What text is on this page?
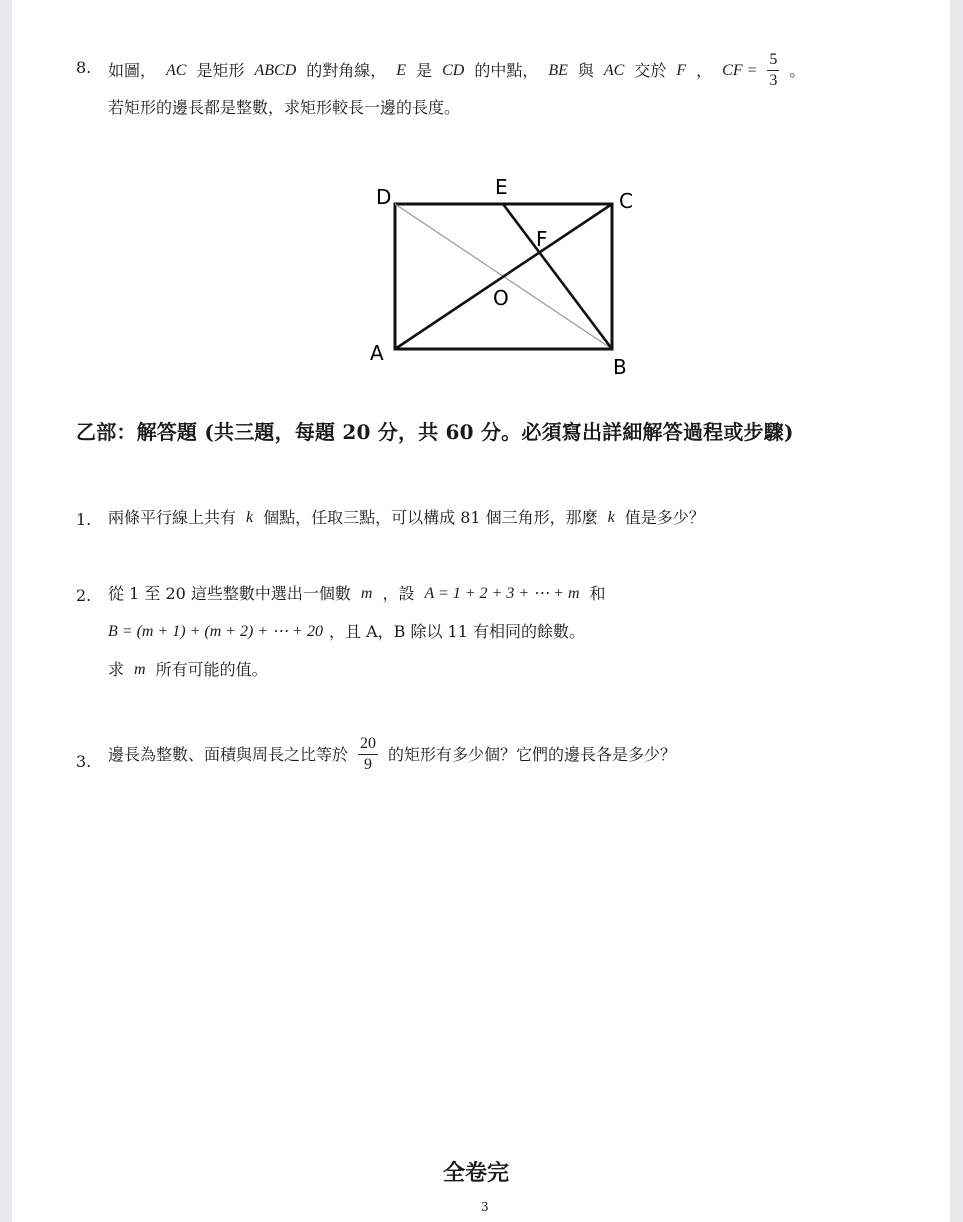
8. 如圖， AC 是矩形 ABCD 的對角線， E 是 CD 的中點， BE 與 AC 交於 F ， CF = $\frac{5}{3}$ 。
若矩形的邊長都是整數，求矩形較長一邊的長度。
D	E
C
F
O
A
B
乙部：解答題 (共三題，每題 20 分，共 60 分。必須寫出詳細解答過程或步驟)
1. 兩條平行線上共有 k 個點，任取三點，可以構成 81 個三角形，那麼 k 值是多少？
2. 從 1 至 20 這些整數中選出一個數 m ，設 A = 1 + 2 + 3 + ⋯ + m 和
B = (m + 1) + (m + 2) + ⋯ + 20 ，且 A，B 除以 11 有相同的餘數。
求 m 所有可能的值。
3. 邊長為整數、面積與周長之比等於 $\frac{20}{9}$ 的矩形有多少個？它們的邊長各是多少？
全卷完
3
